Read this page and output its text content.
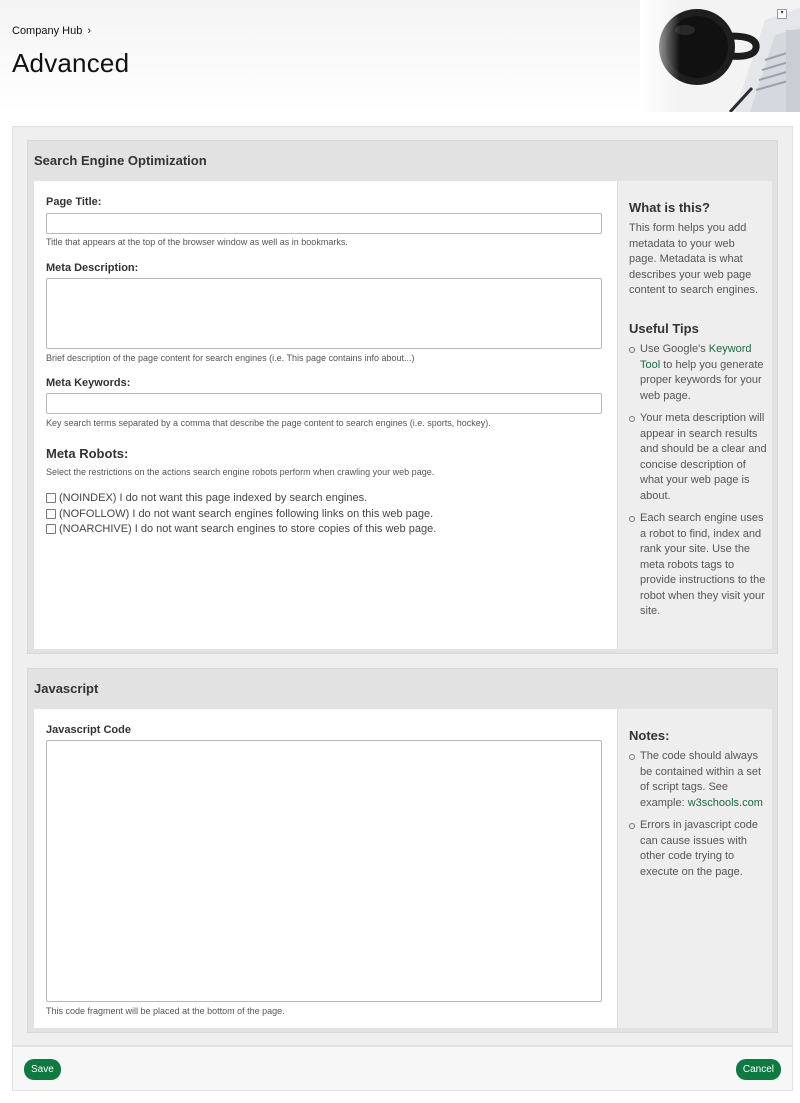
Company Hub ›
Advanced
▾
Search Engine Optimization
Page Title:
Title that appears at the top of the browser window as well as in bookmarks.
Meta Description:
Brief description of the page content for search engines (i.e. This page contains info about...)
Meta Keywords:
Key search terms separated by a comma that describe the page content to search engines (i.e. sports, hockey).
Meta Robots:
Select the restrictions on the actions search engine robots perform when crawling your web page.
(NOINDEX) I do not want this page indexed by search engines.
(NOFOLLOW) I do not want search engines following links on this web page.
(NOARCHIVE) I do not want search engines to store copies of this web page.
What is this?
This form helps you add metadata to your web page. Metadata is what describes your web page content to search engines.
Useful Tips
Use Google's Keyword Tool to help you generate proper keywords for your web page.
Your meta description will appear in search results and should be a clear and concise description of what your web page is about.
Each search engine uses a robot to find, index and rank your site. Use the meta robots tags to provide instructions to the robot when they visit your site.
Javascript
Javascript Code
This code fragment will be placed at the bottom of the page.
Notes:
The code should always be contained within a set of script tags. See example: w3schools.com
Errors in javascript code can cause issues with other code trying to execute on the page.
Save	Cancel
